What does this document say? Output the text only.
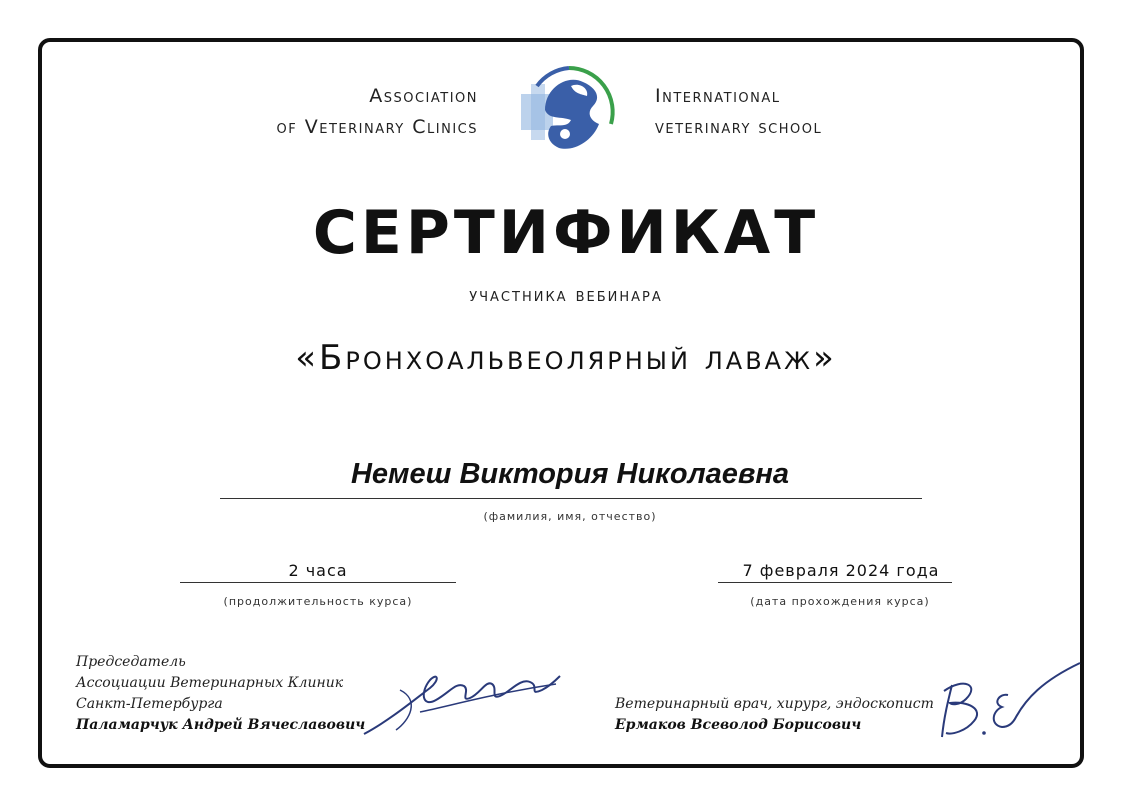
Association
of Veterinary Clinics
International
veterinary school
СЕРТИФИКАТ
участника вебинара
«Бронхоальвеолярный лаваж»
Немеш Виктория Николаевна
(фамилия, имя, отчество)
2 часа
(продолжительность курса)
7 февраля 2024 года
(дата прохождения курса)
Председатель
Ассоциации Ветеринарных Клиник
Санкт-Петербурга
Паламарчук Андрей Вячеславович
Ветеринарный врач, хирург, эндоскопист
Ермаков Всеволод Борисович
